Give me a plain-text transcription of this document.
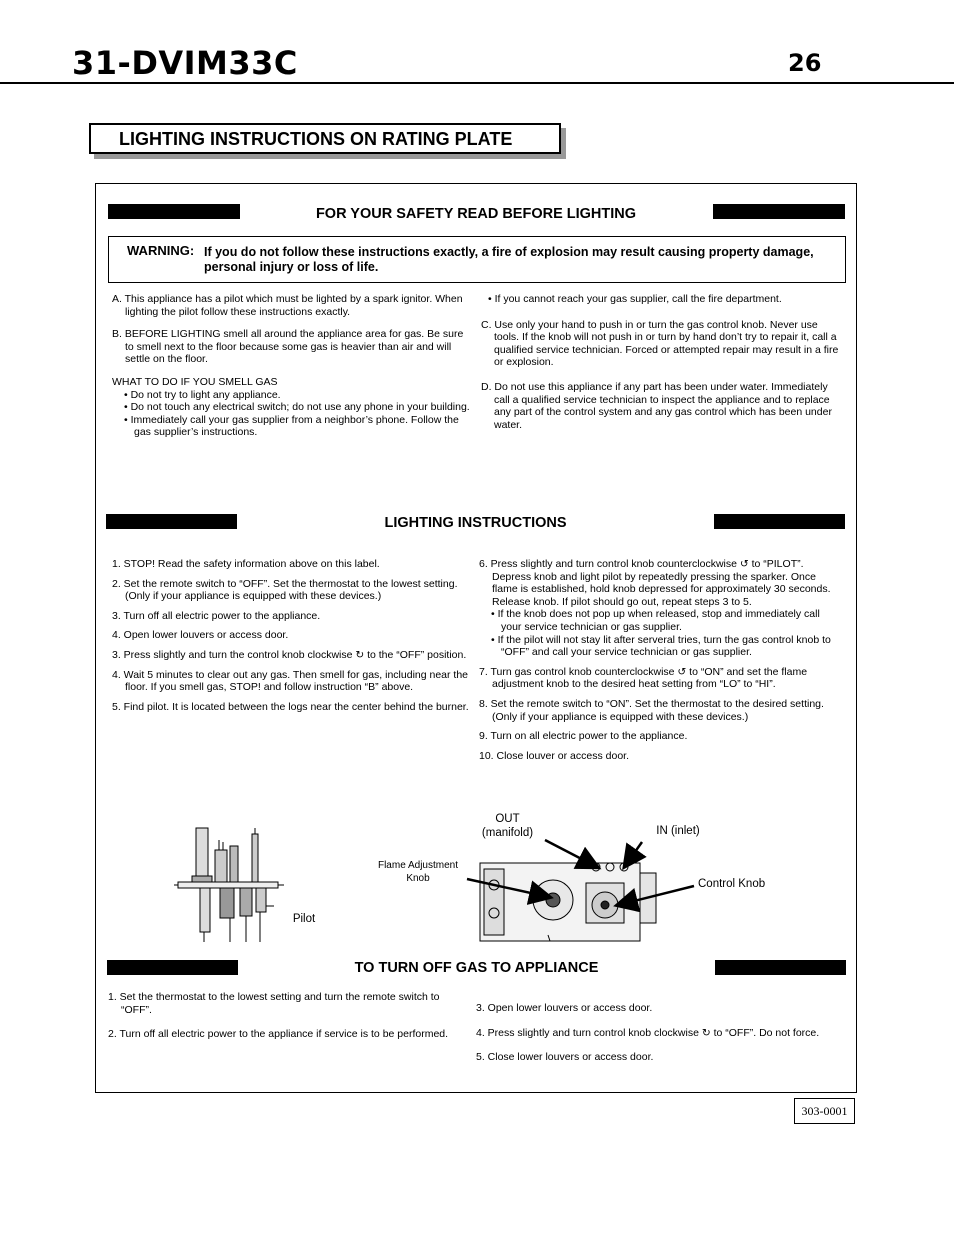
31-DVIM33C	26
LIGHTING INSTRUCTIONS ON RATING PLATE
FOR YOUR SAFETY READ BEFORE LIGHTING
WARNING: If you do not follow these instructions exactly, a fire of explosion may result causing property damage,
personal injury or loss of life.

A. This appliance has a pilot which must be lighted by a spark ignitor. When lighting the pilot follow these instructions exactly.

B. BEFORE LIGHTING smell all around the appliance area for gas. Be sure to smell next to the floor because some gas is heavier than air and will settle on the floor.

WHAT TO DO IF YOU SMELL GAS

• Do not try to light any appliance.

• Do not touch any electrical switch; do not use any phone in your building.

• Immediately call your gas supplier from a neighbor’s phone. Follow the gas supplier’s instructions.

• If you cannot reach your gas supplier, call the fire department.

C. Use only your hand to push in or turn the gas control knob. Never use tools. If the knob will not push in or turn by hand don’t try to repair it, call a qualified service technician. Forced or attempted repair may result in a fire or explosion.

D. Do not use this appliance if any part has been under water. Immediately call a qualified service technician to inspect the appliance and to replace any part of the control system and any gas control which has been under water.

LIGHTING INSTRUCTIONS

1. STOP! Read the safety information above on this label.

2. Set the remote switch to “OFF”. Set the thermostat to the lowest setting. (Only if your appliance is equipped with these devices.)

3. Turn off all electric power to the appliance.

4. Open lower louvers or access door.

3. Press slightly and turn the control knob clockwise ↻ to the “OFF” position.

4. Wait 5 minutes to clear out any gas. Then smell for gas, including near the floor. If you smell gas, STOP! and follow instruction “B” above.

5. Find pilot. It is located between the logs near the center behind the burner.

6. Press slightly and turn control knob counterclockwise ↺ to “PILOT”. Depress knob and light pilot by repeatedly pressing the sparker. Once flame is established, hold knob depressed for approximately 30 seconds. Release knob. If pilot should go out, repeat steps 3 to 5.

• If the knob does not pop up when released, stop and immediately call your service technician or gas supplier.

• If the pilot will not stay lit after serveral tries, turn the gas control knob to “OFF” and call your service technician or gas supplier.

7. Turn gas control knob counterclockwise ↺ to “ON” and set the flame adjustment knob to the desired heat setting from “LO” to “HI”.

8. Set the remote switch to “ON”. Set the thermostat to the desired setting. (Only if your appliance is equipped with these devices.)

9. Turn on all electric power to the appliance.

10. Close louver or access door.

Pilot
OUT
(manifold)	IN (inlet)
Flame Adjustment
Knob	Control Knob
TO TURN OFF GAS TO APPLIANCE

1. Set the thermostat to the lowest setting and turn the remote switch to “OFF”.

2. Turn off all electric power to the appliance if service is to be performed.

3. Open lower louvers or access door.

4. Press slightly and turn control knob clockwise ↻ to “OFF”. Do not force.

5. Close lower louvers or access door.

303-0001
